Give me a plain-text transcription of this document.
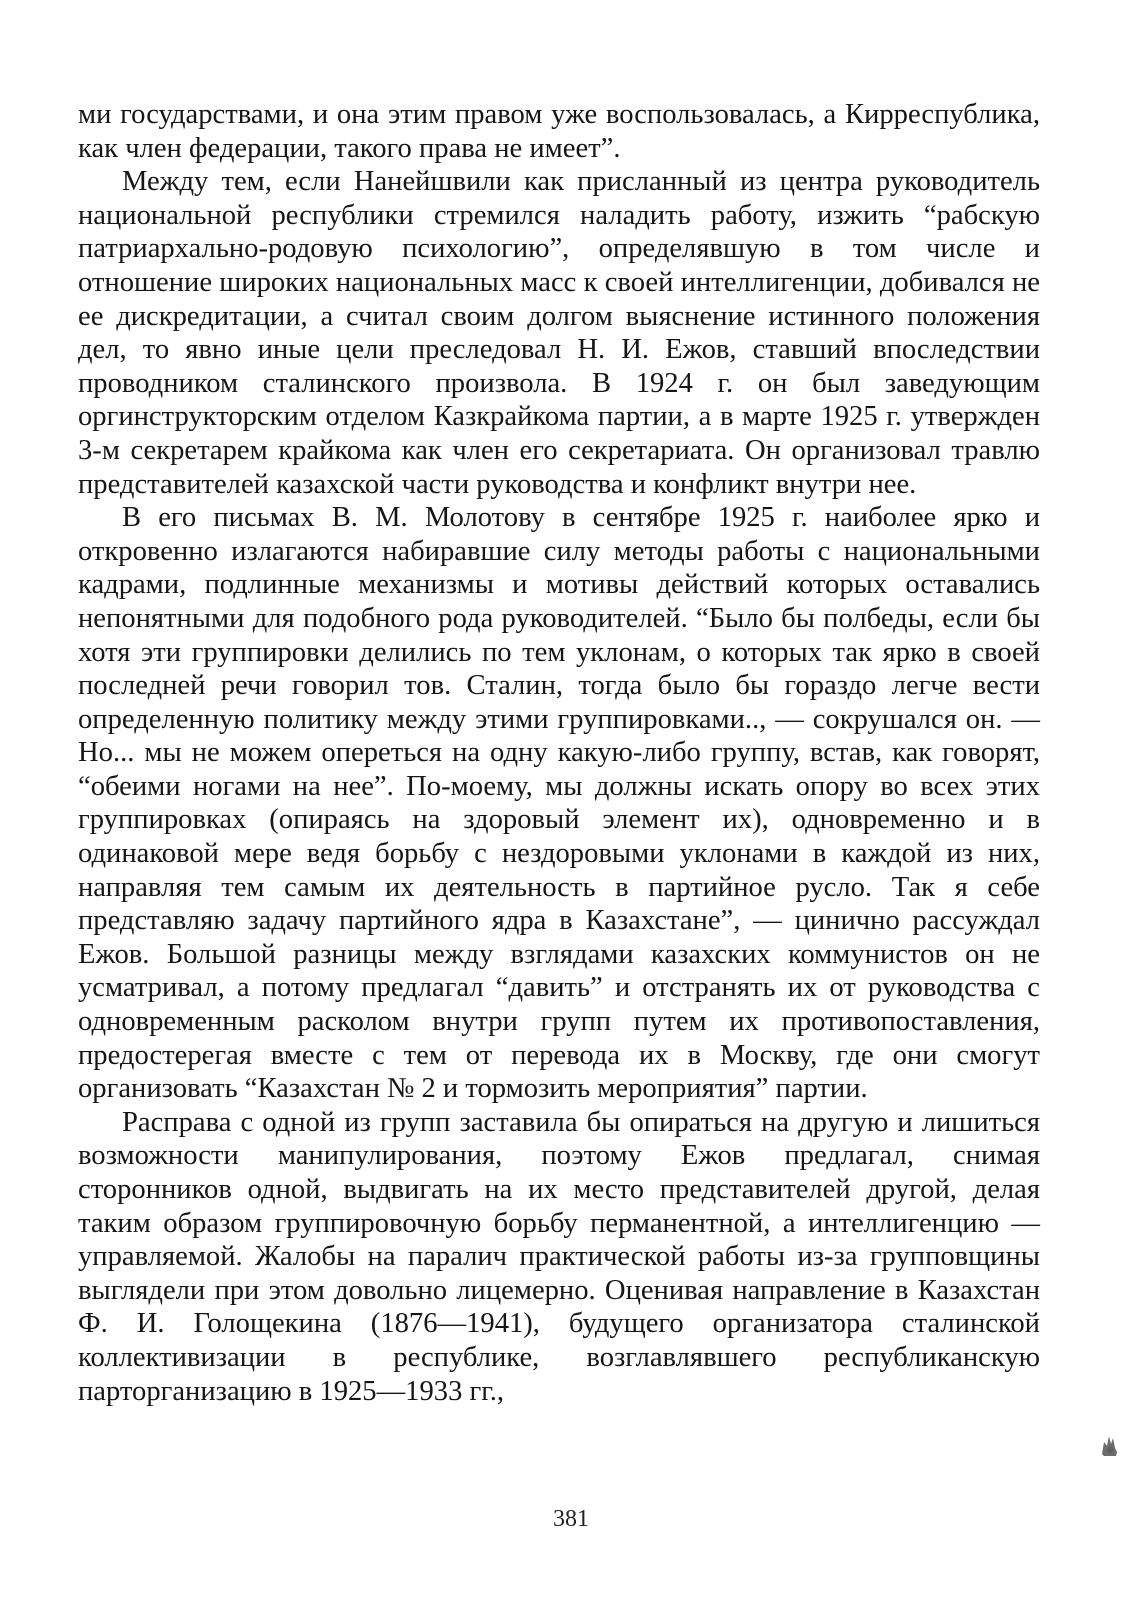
ми государствами, и она этим правом уже воспользовалась, а Кирреспублика, как член федерации, такого права не имеет”.

Между тем, если Нанейшвили как присланный из центра руководитель национальной республики стремился наладить работу, изжить “рабскую патриархально-родовую психологию”, определявшую в том числе и отношение широких национальных масс к своей интеллигенции, добивался не ее дискредитации, а считал своим долгом выяснение истинного положения дел, то явно иные цели преследовал Н. И. Ежов, ставший впоследствии проводником сталинского произвола. В 1924 г. он был заведующим оргинструкторским отделом Казкрайкома партии, а в марте 1925 г. утвержден 3-м секретарем крайкома как член его секретариата. Он организовал травлю представителей казахской части руководства и конфликт внутри нее.

В его письмах В. М. Молотову в сентябре 1925 г. наиболее ярко и откровенно излагаются набиравшие силу методы работы с национальными кадрами, подлинные механизмы и мотивы действий которых оставались непонятными для подобного рода руководителей. “Было бы полбеды, если бы хотя эти группировки делились по тем уклонам, о которых так ярко в своей последней речи говорил тов. Сталин, тогда было бы гораздо легче вести определенную политику между этими группировками.., — сокрушался он. — Но... мы не можем опереться на одну какую-либо группу, встав, как говорят, “обеими ногами на нее”. По-моему, мы должны искать опору во всех этих группировках (опираясь на здоровый элемент их), одновременно и в одинаковой мере ведя борьбу с нездоровыми уклонами в каждой из них, направляя тем самым их деятельность в партийное русло. Так я себе представляю задачу партийного ядра в Казахстане”, — цинично рассуждал Ежов. Большой разницы между взглядами казахских коммунистов он не усматривал, а потому предлагал “давить” и отстранять их от руководства с одновременным расколом внутри групп путем их противопоставления, предостерегая вместе с тем от перевода их в Москву, где они смогут организовать “Казахстан № 2 и тормозить мероприятия” партии.

Расправа с одной из групп заставила бы опираться на другую и лишиться возможности манипулирования, поэтому Ежов предлагал, снимая сторонников одной, выдвигать на их место представителей другой, делая таким образом группировочную борьбу перманентной, а интеллигенцию — управляемой. Жалобы на паралич практической работы из-за групповщины выглядели при этом довольно лицемерно. Оценивая направление в Казахстан Ф. И. Голощекина (1876—1941), будущего организатора сталинской коллективизации в республике, возглавлявшего республиканскую парторганизацию в 1925—1933 гг.,

381
